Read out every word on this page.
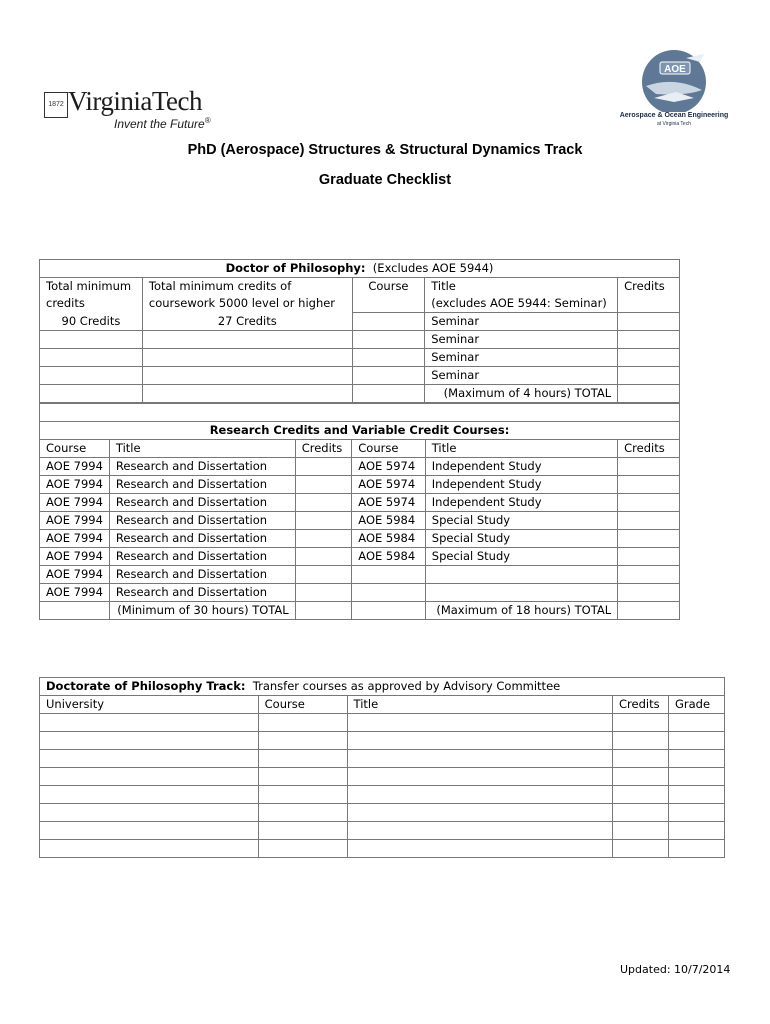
1872 VirginiaTech
Invent the Future®
AOE
Aerospace & Ocean Engineering
at Virginia Tech
PhD (Aerospace) Structures & Structural Dynamics Track
Graduate Checklist
Doctor of Philosophy:  (Excludes AOE 5944)				
Total minimum	Total minimum credits of	Course	Title	Credits
credits	coursework 5000 level or higher		(excludes AOE 5944: Seminar)	
90 Credits	27 Credits		Seminar	
			Seminar	
			Seminar	
			Seminar	
			(Maximum of 4 hours) TOTAL	

Research Credits and Variable Credit Courses:					
Course	Title	Credits	Course	Title	Credits
AOE 7994	Research and Dissertation		AOE 5974	Independent Study	
AOE 7994	Research and Dissertation		AOE 5974	Independent Study	
AOE 7994	Research and Dissertation		AOE 5974	Independent Study	
AOE 7994	Research and Dissertation		AOE 5984	Special Study	
AOE 7994	Research and Dissertation		AOE 5984	Special Study	
AOE 7994	Research and Dissertation		AOE 5984	Special Study	
AOE 7994	Research and Dissertation				
AOE 7994	Research and Dissertation				
	(Minimum of 30 hours) TOTAL			(Maximum of 18 hours) TOTAL	
Doctorate of Philosophy Track:  Transfer courses as approved by Advisory Committee				
University	Course	Title	Credits	Grade

Updated: 10/7/2014
